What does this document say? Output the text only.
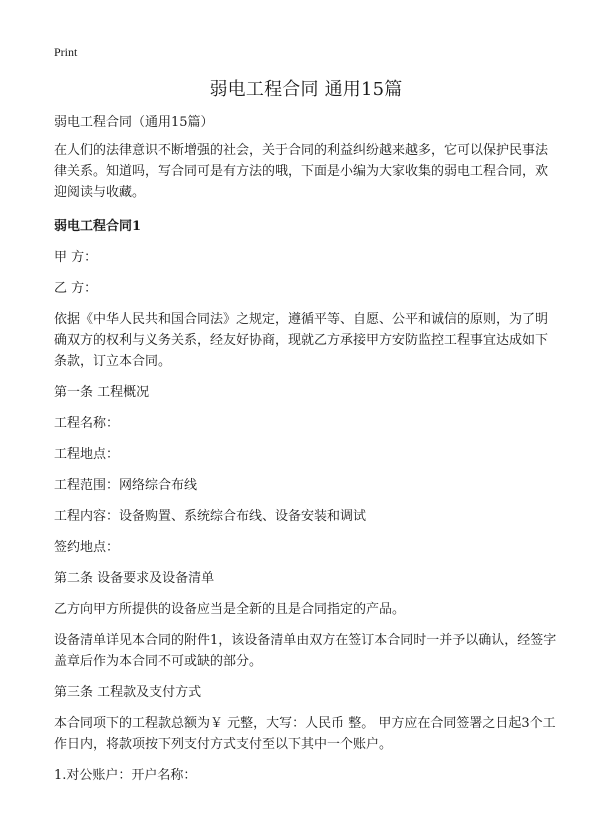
Print

弱电工程合同 通用15篇

弱电工程合同（通用15篇）

在人们的法律意识不断增强的社会，关于合同的利益纠纷越来越多，它可以保护民事法律关系。知道吗，写合同可是有方法的哦，下面是小编为大家收集的弱电工程合同，欢迎阅读与收藏。

弱电工程合同1

甲 方：

乙 方：

依据《中华人民共和国合同法》之规定，遵循平等、自愿、公平和诚信的原则，为了明确双方的权利与义务关系，经友好协商，现就乙方承接甲方安防监控工程事宜达成如下条款，订立本合同。

第一条 工程概况

工程名称：

工程地点：

工程范围：网络综合布线

工程内容：设备购置、系统综合布线、设备安装和调试

签约地点：

第二条 设备要求及设备清单

乙方向甲方所提供的设备应当是全新的且是合同指定的产品。

设备清单详见本合同的附件1，该设备清单由双方在签订本合同时一并予以确认，经签字盖章后作为本合同不可或缺的部分。

第三条 工程款及支付方式

本合同项下的工程款总额为￥ 元整，大写：人民币 整。 甲方应在合同签署之日起3个工作日内，将款项按下列支付方式支付至以下其中一个账户。

1.对公账户：开户名称：
